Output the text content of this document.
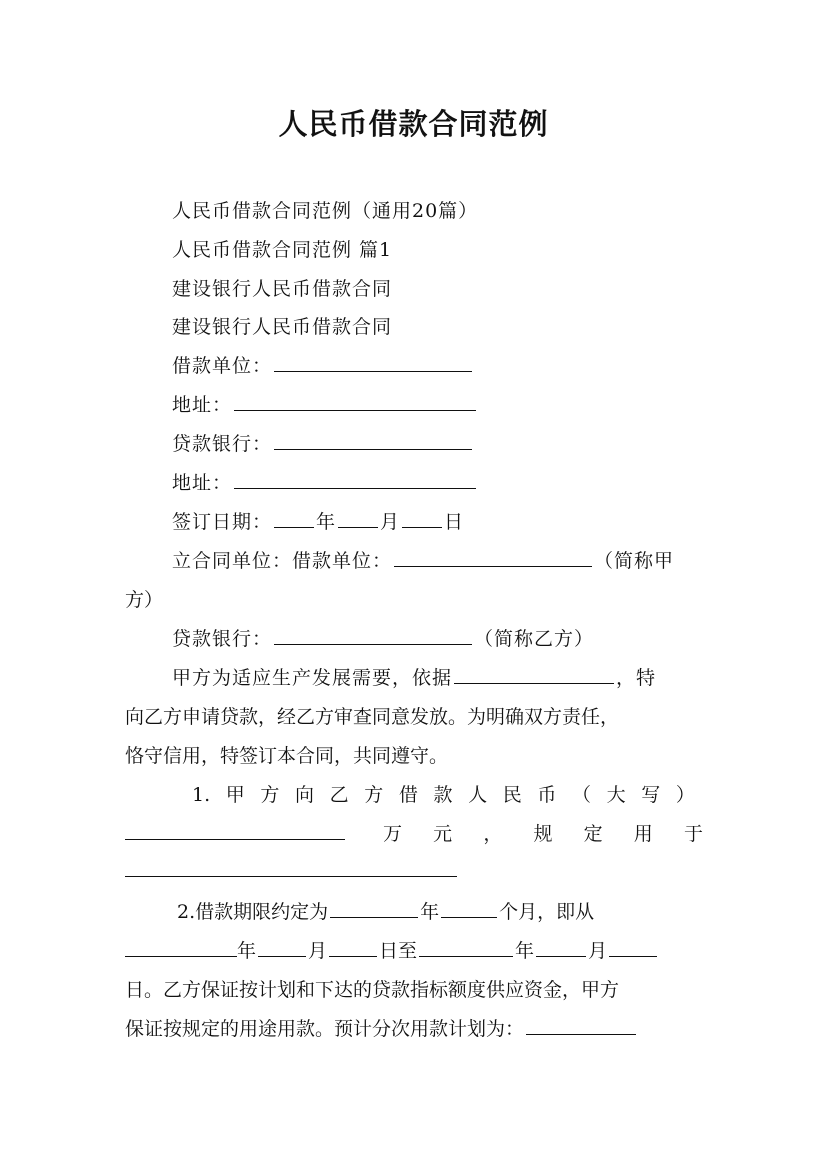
人民币借款合同范例
人民币借款合同范例（通用20篇）
人民币借款合同范例 篇1
建设银行人民币借款合同
建设银行人民币借款合同
借款单位：
地址：
贷款银行：
地址：
签订日期： 年 月 日
立合同单位：借款单位：	（简称甲
方）
贷款银行：	（简称乙方）
甲方为适应生产发展需要，依据	，特
向乙方申请贷款，经乙方审查同意发放。为明确双方责任，
恪守信用，特签订本合同，共同遵守。
1. 甲 方 向 乙 方 借 款 人 民 币 （ 大 写 ）
万 元 ， 规 定 用 于
2.借款期限约定为	年	个月，即从
年	月	日至	年	月
日。乙方保证按计划和下达的贷款指标额度供应资金，甲方
保证按规定的用途用款。预计分次用款计划为：
